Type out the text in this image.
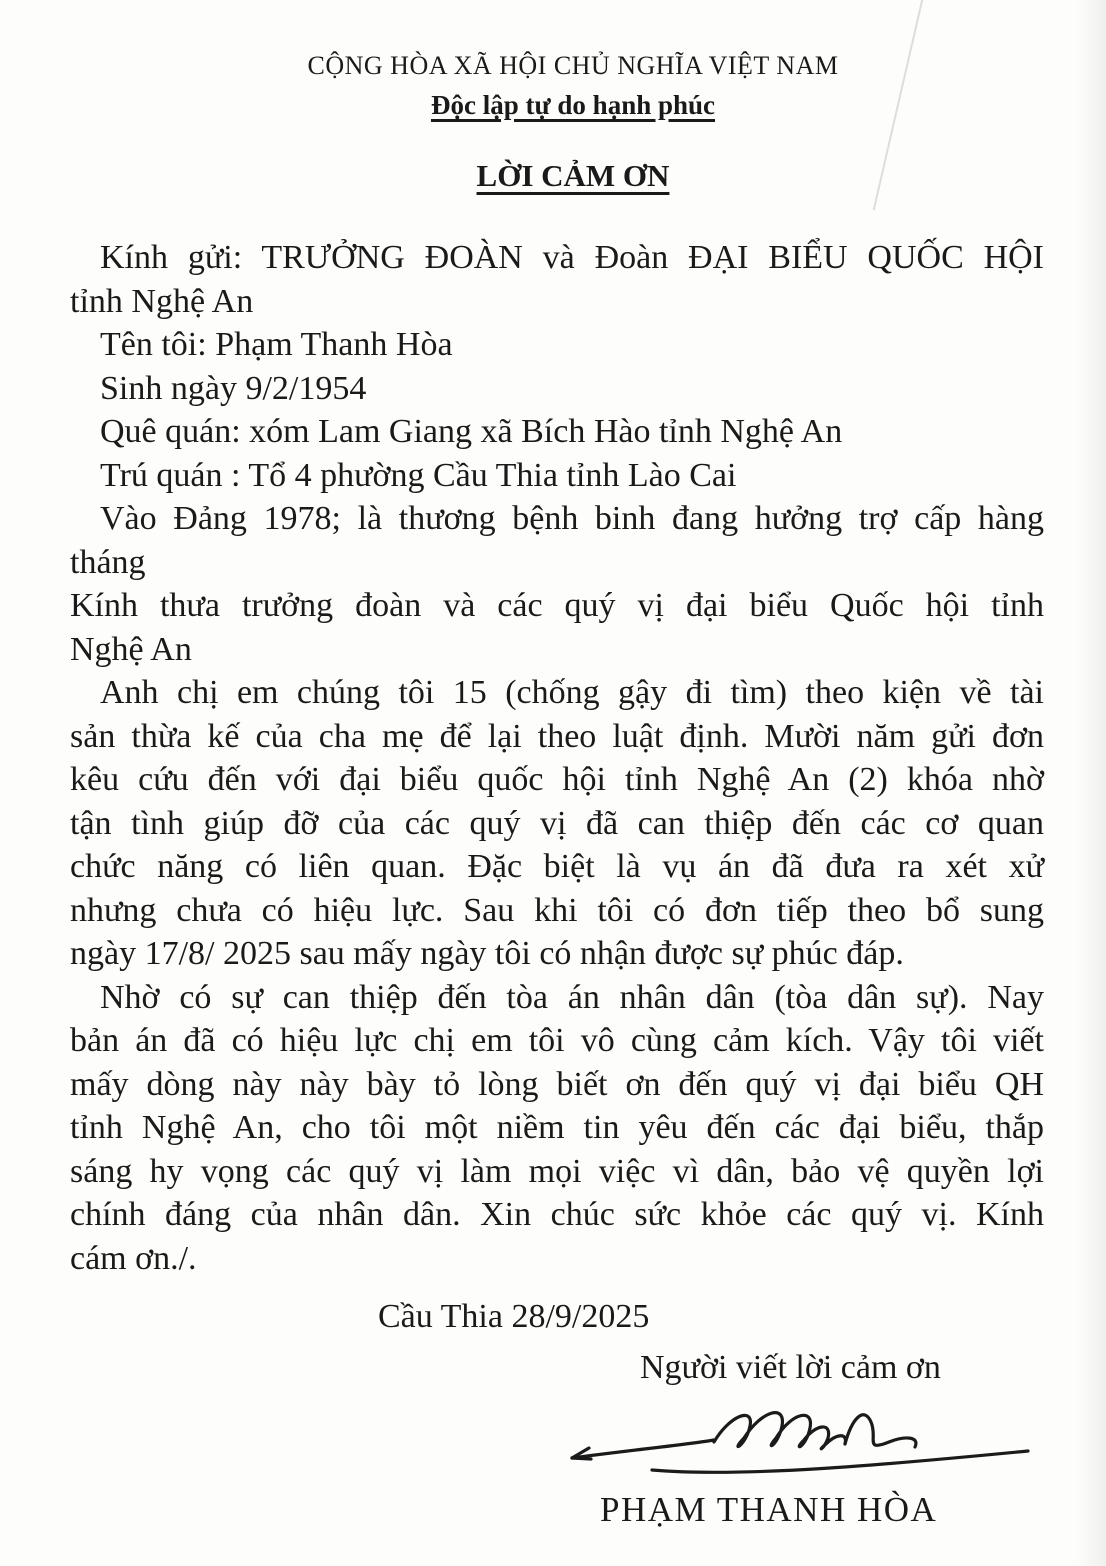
CỘNG HÒA XÃ HỘI CHỦ NGHĨA VIỆT NAM
Độc lập tự do hạnh phúc
LỜI CẢM ƠN
Kính gửi: TRƯỞNG ĐOÀN và Đoàn ĐẠI BIỂU QUỐC HỘI
tỉnh Nghệ An
Tên tôi: Phạm Thanh Hòa
Sinh ngày 9/2/1954
Quê quán: xóm Lam Giang xã Bích Hào tỉnh Nghệ An
Trú quán : Tổ 4 phường Cầu Thia tỉnh Lào Cai
Vào Đảng 1978; là thương bệnh binh đang hưởng trợ cấp hàng
tháng
Kính thưa trưởng đoàn và các quý vị đại biểu Quốc hội tỉnh
Nghệ An
Anh chị em chúng tôi 15 (chống gậy đi tìm) theo kiện về tài
sản thừa kế của cha mẹ để lại theo luật định. Mười năm gửi đơn
kêu cứu đến với đại biểu quốc hội tỉnh Nghệ An (2) khóa nhờ
tận tình giúp đỡ của các quý vị đã can thiệp đến các cơ quan
chức năng có liên quan. Đặc biệt là vụ án đã đưa ra xét xử
nhưng chưa có hiệu lực. Sau khi tôi có đơn tiếp theo bổ sung
ngày 17/8/ 2025 sau mấy ngày tôi có nhận được sự phúc đáp.
Nhờ có sự can thiệp đến tòa án nhân dân (tòa dân sự). Nay
bản án đã có hiệu lực chị em tôi vô cùng cảm kích. Vậy tôi viết
mấy dòng này này bày tỏ lòng biết ơn đến quý vị đại biểu QH
tỉnh Nghệ An, cho tôi một niềm tin yêu đến các đại biểu, thắp
sáng hy vọng các quý vị làm mọi việc vì dân, bảo vệ quyền lợi
chính đáng của nhân dân. Xin chúc sức khỏe các quý vị. Kính
cám ơn./.
Cầu Thia 28/9/2025
Người viết lời cảm ơn
PHẠM THANH HÒA
